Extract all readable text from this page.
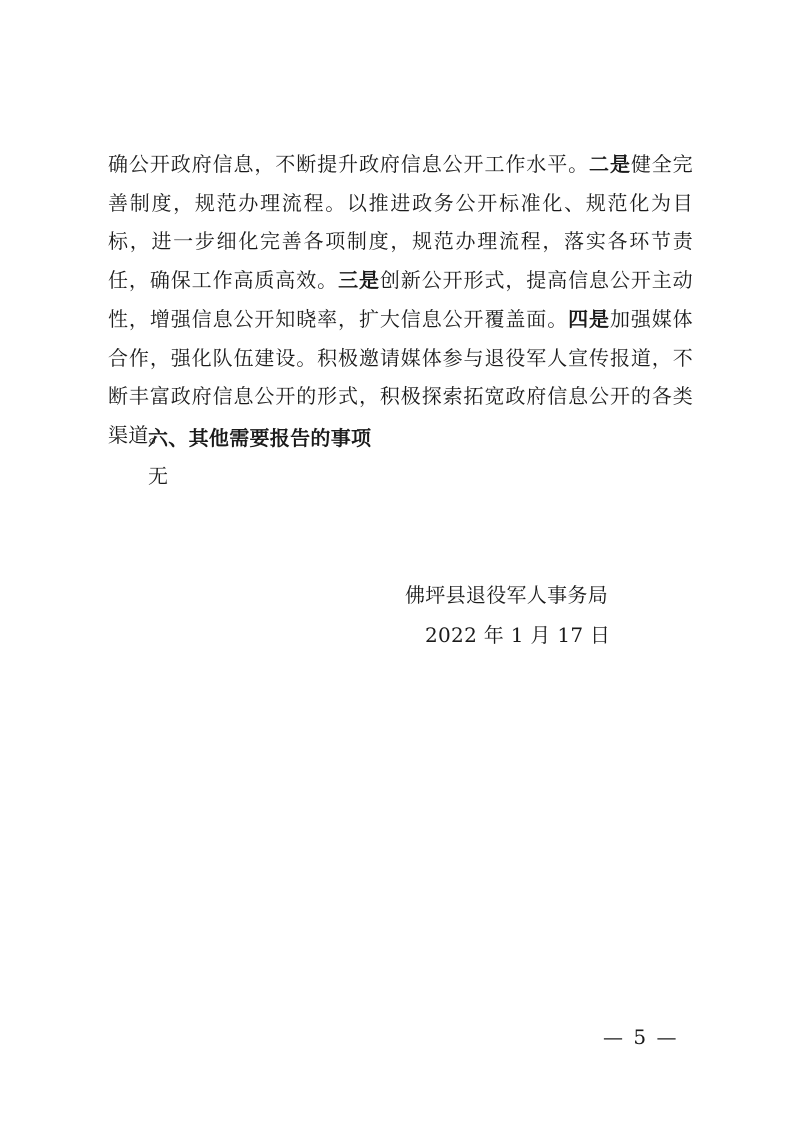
确公开政府信息，不断提升政府信息公开工作水平。二是健全完善制度，规范办理流程。以推进政务公开标准化、规范化为目标，进一步细化完善各项制度，规范办理流程，落实各环节责任，确保工作高质高效。三是创新公开形式，提高信息公开主动性，增强信息公开知晓率，扩大信息公开覆盖面。四是加强媒体合作，强化队伍建设。积极邀请媒体参与退役军人宣传报道，不断丰富政府信息公开的形式，积极探索拓宽政府信息公开的各类渠道。

六、其他需要报告的事项

无

佛坪县退役军人事务局

2022 年 1 月 17 日

— 5 —
